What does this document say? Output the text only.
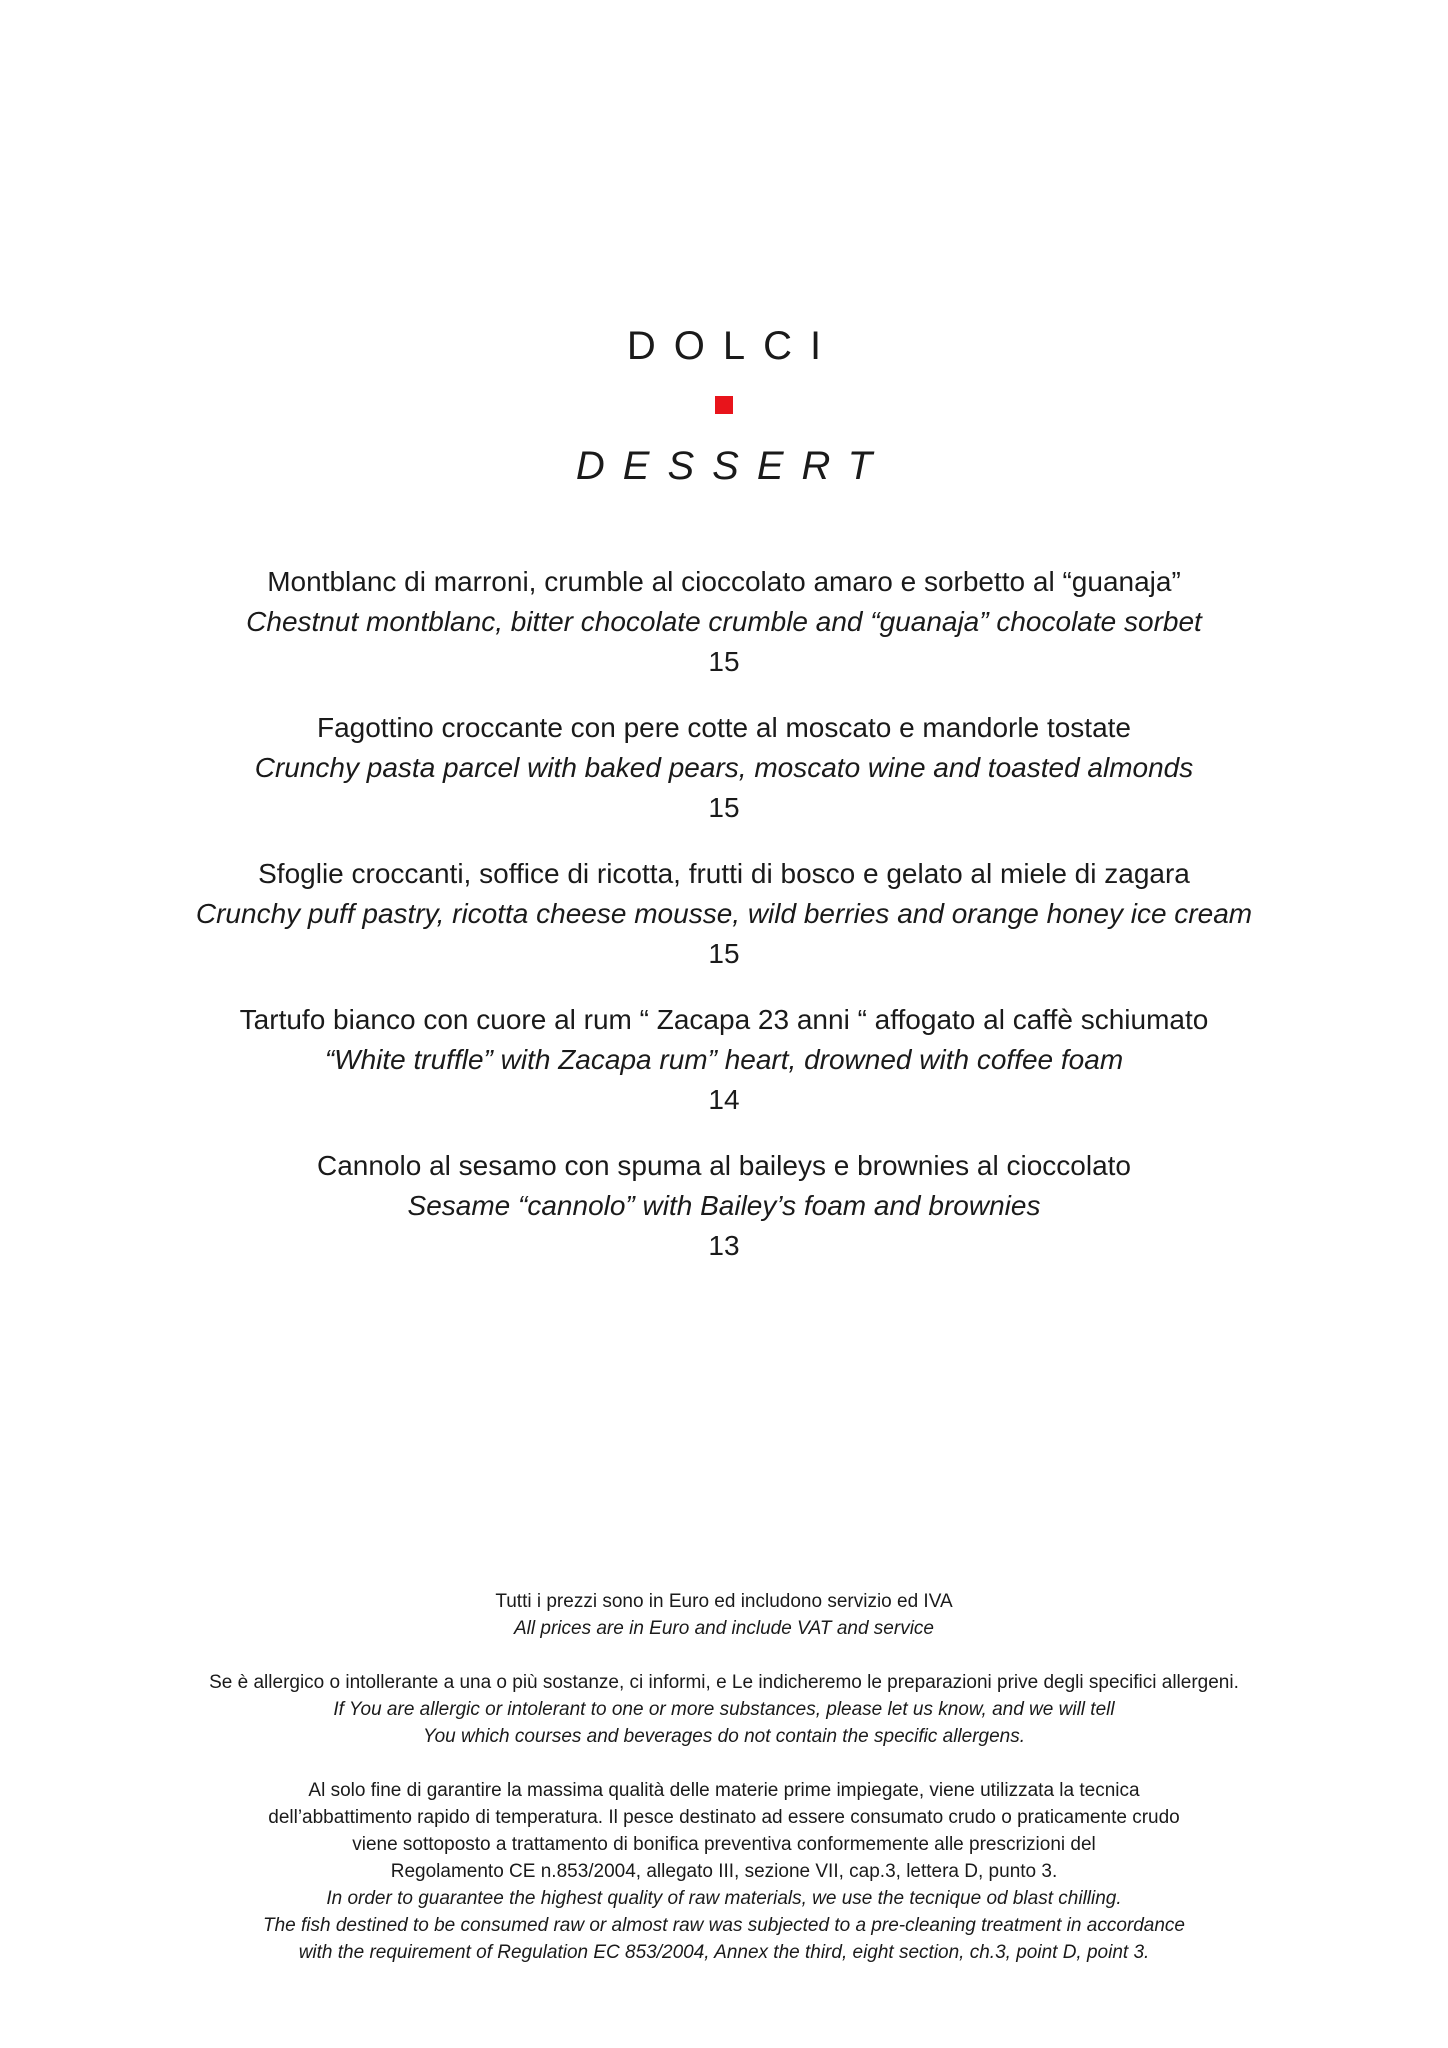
DOLCI
DESSERT
Montblanc di marroni, crumble al cioccolato amaro e sorbetto al “guanaja”
Chestnut montblanc, bitter chocolate crumble and “guanaja” chocolate sorbet
15
Fagottino croccante con pere cotte al moscato e mandorle tostate
Crunchy pasta parcel with baked pears, moscato wine and toasted almonds
15
Sfoglie croccanti, soffice di ricotta, frutti di bosco e gelato al miele di zagara
Crunchy puff pastry, ricotta cheese mousse, wild berries and orange honey ice cream
15
Tartufo bianco con cuore al rum “ Zacapa 23 anni “ affogato al caffè schiumato
“White truffle” with Zacapa rum” heart, drowned with coffee foam
14
Cannolo al sesamo con spuma al baileys e brownies al cioccolato
Sesame “cannolo” with Bailey’s foam and brownies
13

Tutti i prezzi sono in Euro ed includono servizio ed IVA

All prices are in Euro and include VAT and service

Se è allergico o intollerante a una o più sostanze, ci informi, e Le indicheremo le preparazioni prive degli specifici allergeni.

If You are allergic or intolerant to one or more substances, please let us know, and we will tell

You which courses and beverages do not contain the specific allergens.

Al solo fine di garantire la massima qualità delle materie prime impiegate, viene utilizzata la tecnica

dell’abbattimento rapido di temperatura. Il pesce destinato ad essere consumato crudo o praticamente crudo

viene sottoposto a trattamento di bonifica preventiva conformemente alle prescrizioni del

Regolamento CE n.853/2004, allegato III, sezione VII, cap.3, lettera D, punto 3.

In order to guarantee the highest quality of raw materials, we use the tecnique od blast chilling.

The fish destined to be consumed raw or almost raw was subjected to a pre-cleaning treatment in accordance

with the requirement of Regulation EC 853/2004, Annex the third, eight section, ch.3, point D, point 3.
